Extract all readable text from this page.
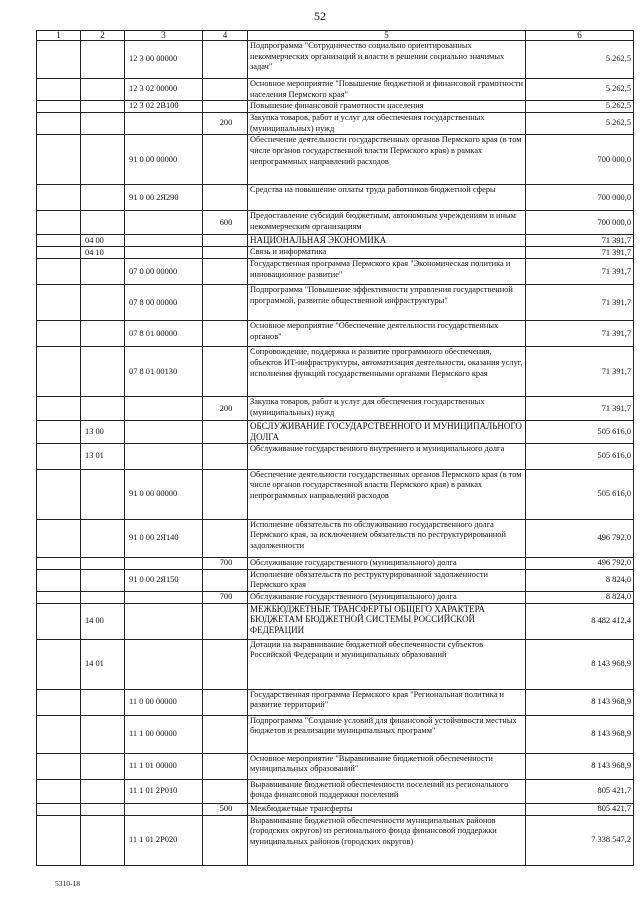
52
1	2	3	4	5	6
		12 3 00 00000		Подпрограмма "Сотрудничество социально ориентированных некоммерческих организаций и власти в решении социально значимых задач"	5 262,5
		12 3 02 00000		Основное мероприятие "Повышение бюджетной и финансовой грамотности населения Пермского края"	5 262,5
		12 3 02 2В100		Повышение финансовой грамотности населения	5 262,5
			200	Закупка товаров, работ и услуг для обеспечения государственных (муниципальных) нужд	5 262,5
		91 0 00 00000		Обеспечение деятельности государственных органов Пермского края (в том числе органов государственной власти Пермского края) в рамках непрограммных направлений расходов	700 000,0
		91 0 00 2Я290		Средства на повышение оплаты труда работников бюджетной сферы	700 000,0
			600	Предоставление субсидий бюджетным, автономным учреждениям и иным некоммерческим организациям	700 000,0
	04 00			НАЦИОНАЛЬНАЯ ЭКОНОМИКА	71 391,7
	04 10			Связь и информатика	71 391,7
		07 0 00 00000		Государственная программа Пермского края "Экономическая политика и инновационное развитие"	71 391,7
		07 8 00 00000		Подпрограмма "Повышение эффективности управления государственной программой, развитие общественной инфраструктуры"	71 391,7
		07 8 01 00000		Основное мероприятие "Обеспечение деятельности государственных органов"	71 391,7
		07 8 01 00130		Сопровождение, поддержка и развитие программного обеспечения, объектов ИТ-инфраструктуры, автоматизация деятельности, оказания услуг, исполнения функций государственными органами Пермского края	71 391,7
			200	Закупка товаров, работ и услуг для обеспечения государственных (муниципальных) нужд	71 391,7
	13 00			ОБСЛУЖИВАНИЕ ГОСУДАРСТВЕННОГО И МУНИЦИПАЛЬНОГО ДОЛГА	505 616,0
	13 01			Обслуживание государственного внутреннего и муниципального долга	505 616,0
		91 0 00 00000		Обеспечение деятельности государственных органов Пермского края (в том числе органов государственной власти Пермского края) в рамках непрограммных направлений расходов	505 616,0
		91 0 00 2Я140		Исполнение обязательств по обслуживанию государственного долга Пермского края, за исключением обязательств по реструктурированной задолженности	496 792,0
			700	Обслуживание государственного (муниципального) долга	496 792,0
		91 0 00 2Я150		Исполнение обязательств по реструктурированной задолженности Пермского края	8 824,0
			700	Обслуживание государственного (муниципального) долга	8 824,0
	14 00			МЕЖБЮДЖЕТНЫЕ ТРАНСФЕРТЫ ОБЩЕГО ХАРАКТЕРА БЮДЖЕТАМ БЮДЖЕТНОЙ СИСТЕМЫ РОССИЙСКОЙ ФЕДЕРАЦИИ	8 482 412,4
	14 01			Дотации на выравнивание бюджетной обеспеченности субъектов Российской Федерации и муниципальных образований	8 143 968,9
		11 0 00 00000		Государственная программа Пермского края "Региональная политика и развитие территорий"	8 143 968,9
		11 1 00 00000		Подпрограмма "Создание условий для финансовой устойчивости местных бюджетов и реализации муниципальных программ"	8 143 968,9
		11 1 01 00000		Основное мероприятие "Выравнивание бюджетной обеспеченности муниципальных образований"	8 143 968,9
		11 1 01 2Р010		Выравнивание бюджетной обеспеченности поселений из регионального фонда финансовой поддержки поселений	805 421,7
			500	Межбюджетные трансферты	805 421,7
		11 1 01 2Р020		Выравнивание бюджетной обеспеченности муниципальных районов (городских округов) из регионального фонда финансовой поддержки муниципальных районов (городских округов)	7 338 547,2
5310-18
